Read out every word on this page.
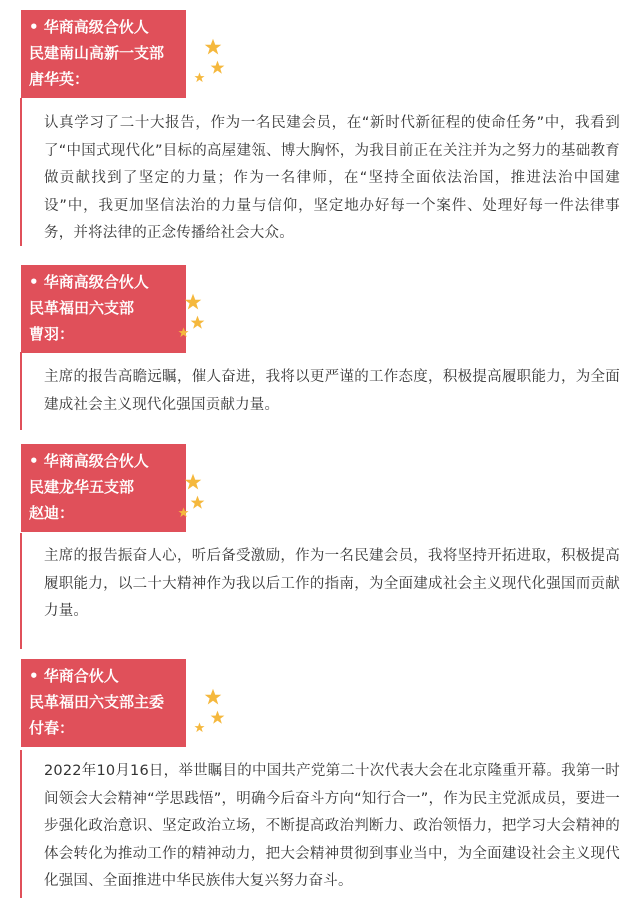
• 华商高级合伙人
民建南山高新一支部
唐华英：

认真学习了二十大报告，作为一名民建会员，在“新时代新征程的使命任务”中，我看到了“中国式现代化”目标的高屋建瓴、博大胸怀，为我目前正在关注并为之努力的基础教育做贡献找到了坚定的力量；作为一名律师，在“坚持全面依法治国，推进法治中国建设”中，我更加坚信法治的力量与信仰，坚定地办好每一个案件、处理好每一件法律事务，并将法律的正念传播给社会大众。

• 华商高级合伙人
民革福田六支部
曹羽：

主席的报告高瞻远瞩，催人奋进，我将以更严谨的工作态度，积极提高履职能力，为全面建成社会主义现代化强国贡献力量。

• 华商高级合伙人
民建龙华五支部
赵迪：

主席的报告振奋人心，听后备受激励，作为一名民建会员，我将坚持开拓进取，积极提高履职能力，以二十大精神作为我以后工作的指南，为全面建成社会主义现代化强国而贡献力量。

• 华商合伙人
民革福田六支部主委
付春：

2022年10月16日，举世瞩目的中国共产党第二十次代表大会在北京隆重开幕。我第一时间领会大会精神“学思践悟”，明确今后奋斗方向“知行合一”，作为民主党派成员，要进一步强化政治意识、坚定政治立场，不断提高政治判断力、政治领悟力，把学习大会精神的体会转化为推动工作的精神动力，把大会精神贯彻到事业当中，为全面建设社会主义现代化强国、全面推进中华民族伟大复兴努力奋斗。
